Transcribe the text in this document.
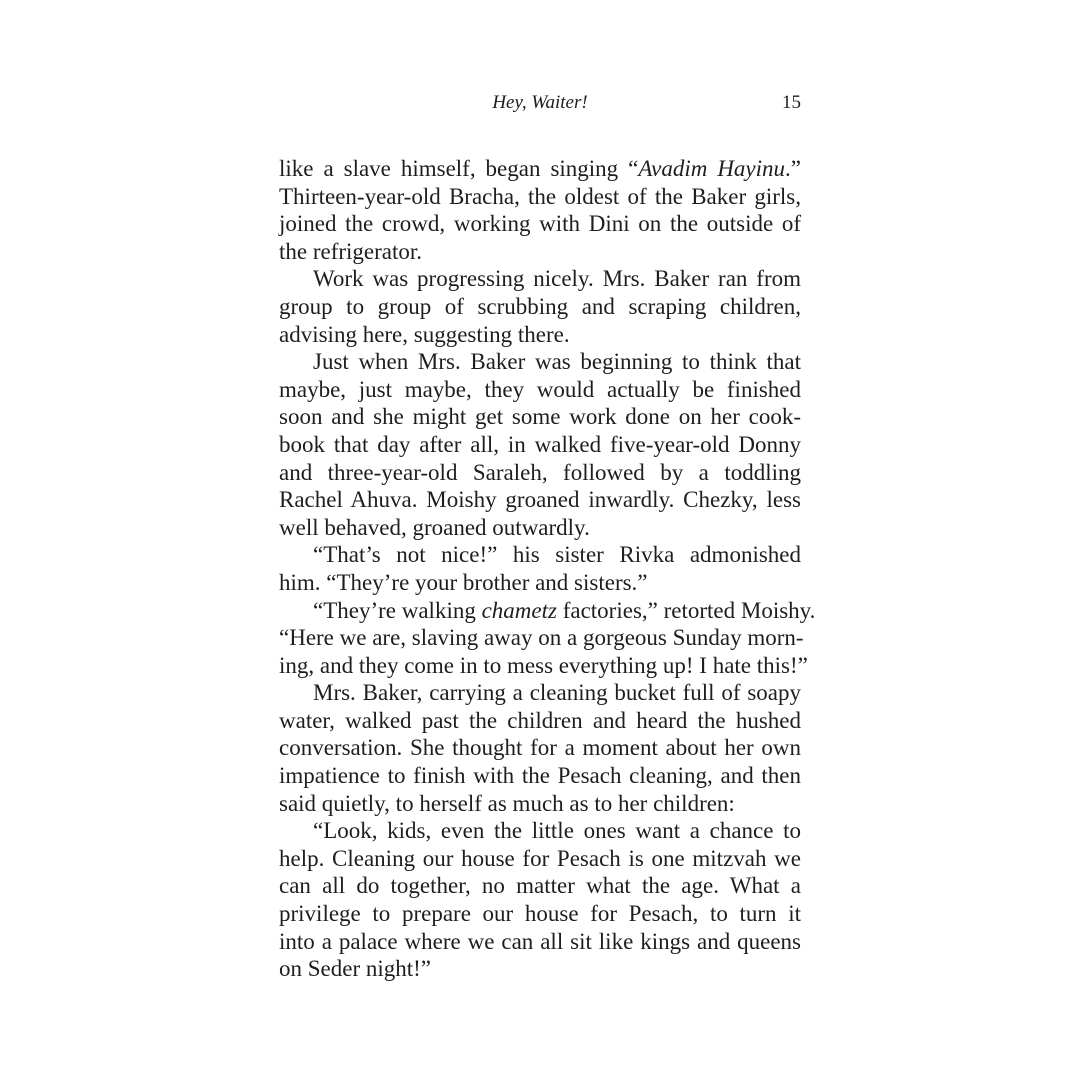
Hey, Waiter!	15
like a slave himself, began singing “Avadim Hayinu.”
Thirteen-year-old Bracha, the oldest of the Baker girls,
joined the crowd, working with Dini on the outside of
the refrigerator.
Work was progressing nicely. Mrs. Baker ran from
group to group of scrubbing and scraping children,
advising here, suggesting there.
Just when Mrs. Baker was beginning to think that
maybe, just maybe, they would actually be finished
soon and she might get some work done on her cook-
book that day after all, in walked five-year-old Donny
and three-year-old Saraleh, followed by a toddling
Rachel Ahuva. Moishy groaned inwardly. Chezky, less
well behaved, groaned outwardly.
“That’s not nice!” his sister Rivka admonished
him. “They’re your brother and sisters.”
“They’re walking chametz factories,” retorted Moishy.
“Here we are, slaving away on a gorgeous Sunday morn-
ing, and they come in to mess everything up! I hate this!”
Mrs. Baker, carrying a cleaning bucket full of soapy
water, walked past the children and heard the hushed
conversation. She thought for a moment about her own
impatience to finish with the Pesach cleaning, and then
said quietly, to herself as much as to her children:
“Look, kids, even the little ones want a chance to
help. Cleaning our house for Pesach is one mitzvah we
can all do together, no matter what the age. What a
privilege to prepare our house for Pesach, to turn it
into a palace where we can all sit like kings and queens
on Seder night!”
